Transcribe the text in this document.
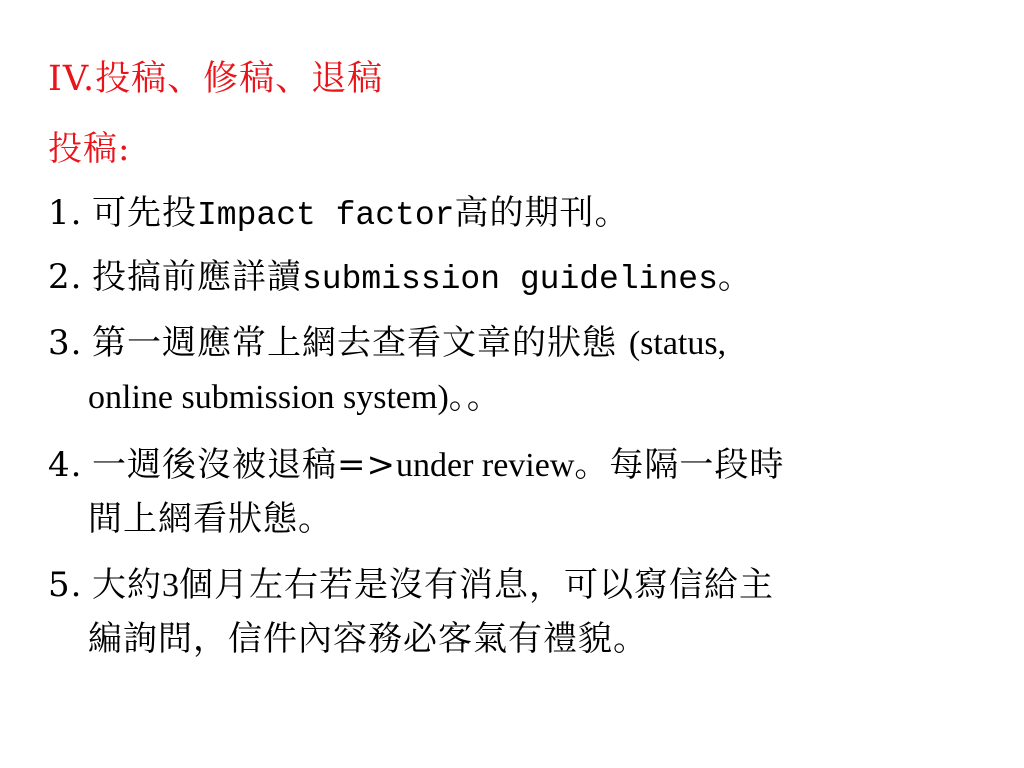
IV.投稿、修稿、退稿
投稿:
1. 可先投Impact factor高的期刊。
2. 投搞前應詳讀submission guidelines。
3. 第一週應常上網去查看文章的狀態 (status,
online submission system)。。
4. 一週後沒被退稿=>under review。每隔一段時
間上網看狀態。
5. 大約3個月左右若是沒有消息，可以寫信給主
編詢問，信件內容務必客氣有禮貌。
